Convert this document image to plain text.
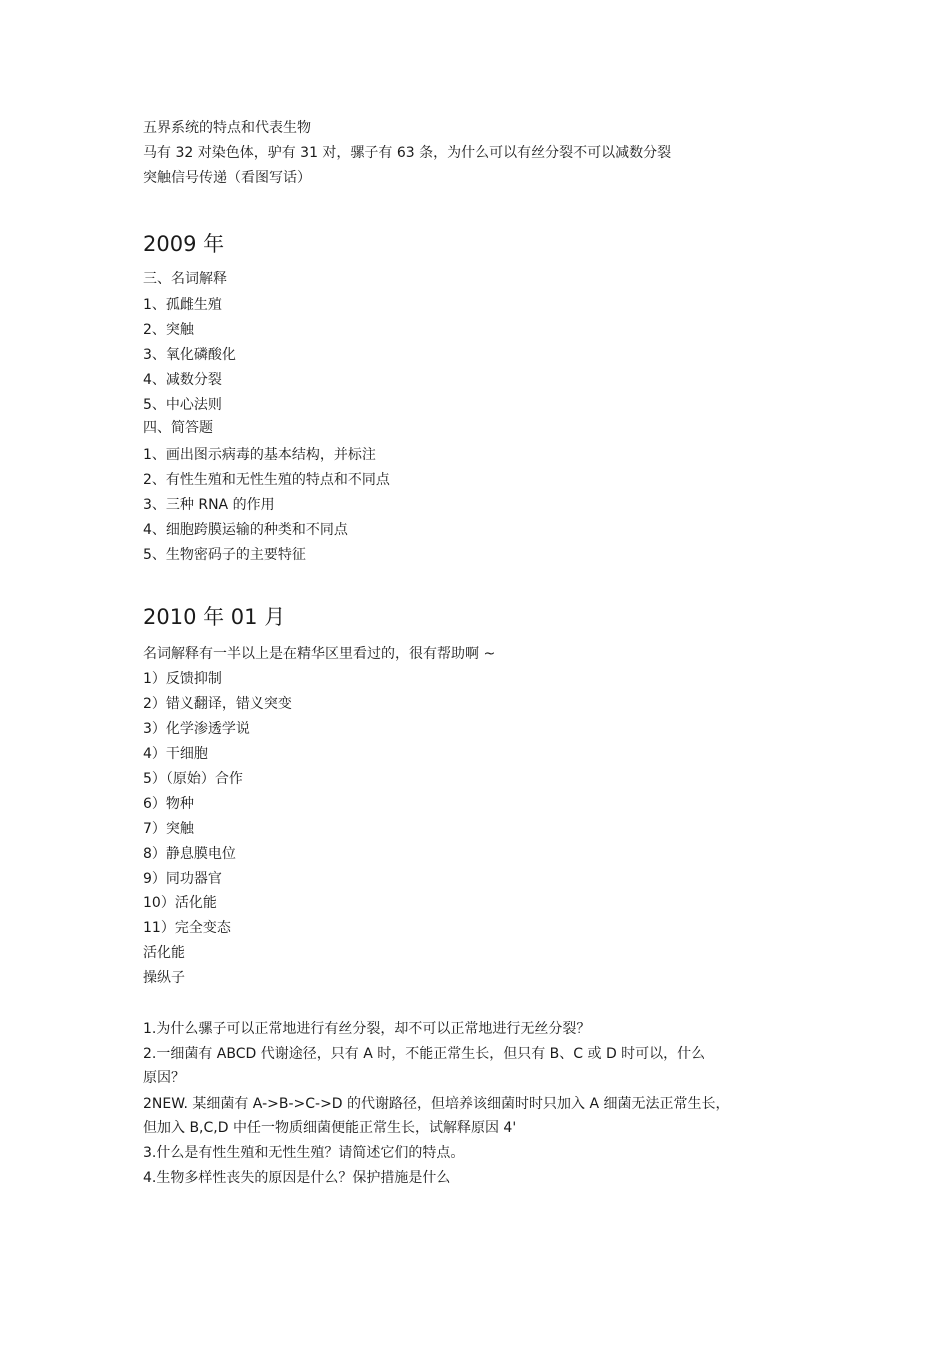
五界系统的特点和代表生物

马有 32 对染色体，驴有 31 对，骡子有 63 条，为什么可以有丝分裂不可以减数分裂

突触信号传递（看图写话）

2009 年

三、名词解释

1、孤雌生殖

2、突触

3、氧化磷酸化

4、减数分裂

5、中心法则

四、简答题

1、画出图示病毒的基本结构，并标注

2、有性生殖和无性生殖的特点和不同点

3、三种 RNA 的作用

4、细胞跨膜运输的种类和不同点

5、生物密码子的主要特征

2010 年 01 月

名词解释有一半以上是在精华区里看过的，很有帮助啊 ~

1）反馈抑制

2）错义翻译，错义突变

3）化学渗透学说

4）干细胞

5）（原始）合作

6）物种

7）突触

8）静息膜电位

9）同功器官

10）活化能

11）完全变态

活化能

操纵子

1.为什么骡子可以正常地进行有丝分裂，却不可以正常地进行无丝分裂？

2.一细菌有 ABCD 代谢途径，只有 A 时，不能正常生长，但只有 B、C 或 D 时可以，什么

原因？

2NEW. 某细菌有 A->B->C->D 的代谢路径，但培养该细菌时时只加入 A 细菌无法正常生长，

但加入 B,C,D 中任一物质细菌便能正常生长，试解释原因 4'

3.什么是有性生殖和无性生殖？请简述它们的特点。

4.生物多样性丧失的原因是什么？保护措施是什么
